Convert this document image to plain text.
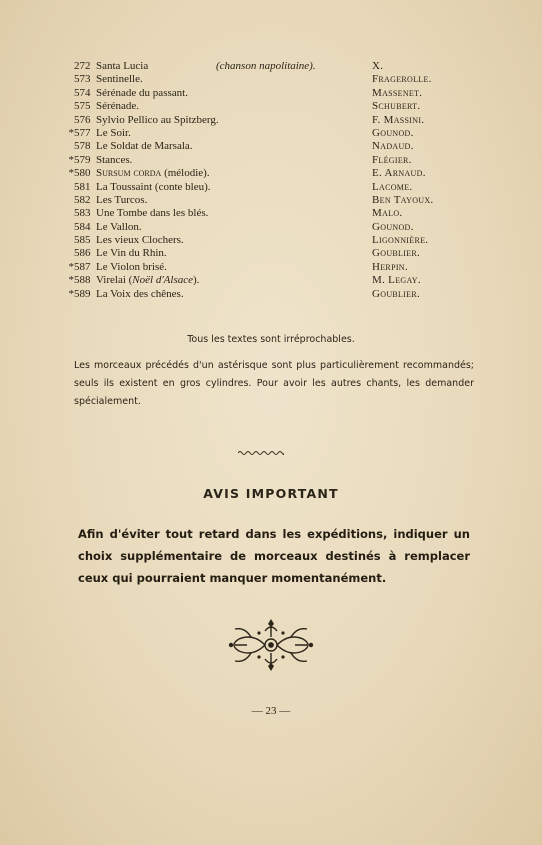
272 Santa Lucia	(chanson napolitaine).	X.
573 Sentinelle.	Fragerolle.
574 Sérénade du passant.	Massenet.
575 Sérénade.	Schubert.
576 Sylvio Pellico au Spitzberg.	F. Massini.
* 577 Le Soir.	Gounod.
578 Le Soldat de Marsala.	Nadaud.
* 579 Stances.	Flégier.
* 580 Sursum corda (mélodie).	E. Arnaud.
581 La Toussaint (conte bleu).	Lacome.
582 Les Turcos.	Ben Tayoux.
583 Une Tombe dans les blés.	Malo.
584 Le Vallon.	Gounod.
585 Les vieux Clochers.	Ligonnière.
586 Le Vin du Rhin.	Goublier.
* 587 Le Violon brisé.	Herpin.
* 588 Virelai (Noël d'Alsace).	M. Legay.
* 589 La Voix des chênes.	Goublier.
Tous les textes sont irréprochables.

Les morceaux précédés d'un astérisque sont plus particulièrement recommandés; seuls ils existent en gros cylindres. Pour avoir les autres chants, les demander spécialement.

AVIS IMPORTANT

Afin d'éviter tout retard dans les expéditions, indiquer un choix supplémentaire de morceaux destinés à remplacer ceux qui pourraient manquer momentanément.

— 23 —
